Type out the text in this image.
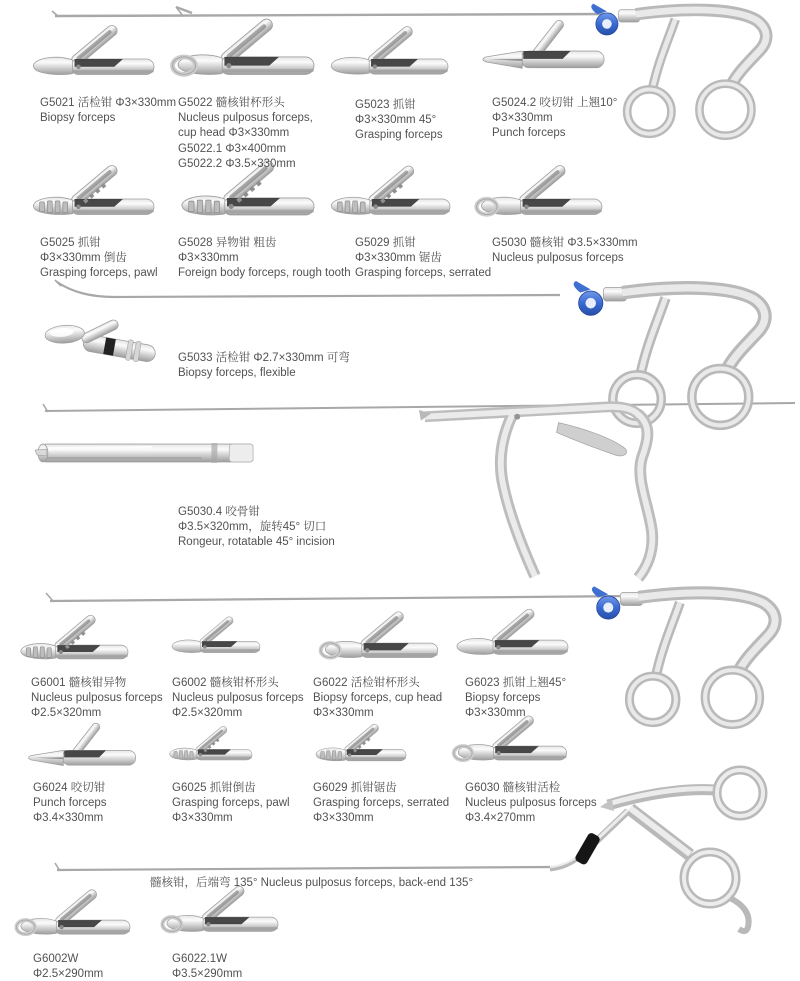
G5021 活检钳 Φ3×330mm
Biopsy forceps
G5022 髓核钳杯形头
Nucleus pulposus forceps,
cup head Φ3×330mm
G5022.1 Φ3×400mm
G5022.2 Φ3.5×330mm
G5023 抓钳
Φ3×330mm 45°
Grasping forceps
G5024.2 咬切钳 上翘10°
Φ3×330mm
Punch forceps
G5025 抓钳
Φ3×330mm 倒齿
Grasping forceps, pawl
G5028 异物钳 粗齿
Φ3×330mm
Foreign body forceps, rough tooth
G5029 抓钳
Φ3×330mm 锯齿
Grasping forceps, serrated
G5030 髓核钳 Φ3.5×330mm
Nucleus pulposus forceps
G5033 活检钳 Φ2.7×330mm 可弯
Biopsy forceps, flexible
G5030.4 咬骨钳
Φ3.5×320mm，旋转45° 切口
Rongeur, rotatable 45° incision
G6001 髓核钳异物
Nucleus pulposus forceps
Φ2.5×320mm
G6002 髓核钳杯形头
Nucleus pulposus forceps
Φ2.5×320mm
G6022 活检钳杯形头
Biopsy forceps, cup head
Φ3×330mm
G6023 抓钳上翘45°
Biopsy forceps
Φ3×330mm
G6024 咬切钳
Punch forceps
Φ3.4×330mm
G6025 抓钳倒齿
Grasping forceps, pawl
Φ3×330mm
G6029 抓钳锯齿
Grasping forceps, serrated
Φ3×330mm
G6030 髓核钳活检
Nucleus pulposus forceps
Φ3.4×270mm
髓核钳，后端弯 135° Nucleus pulposus forceps, back-end 135°
G6002W
Φ2.5×290mm
G6022.1W
Φ3.5×290mm
